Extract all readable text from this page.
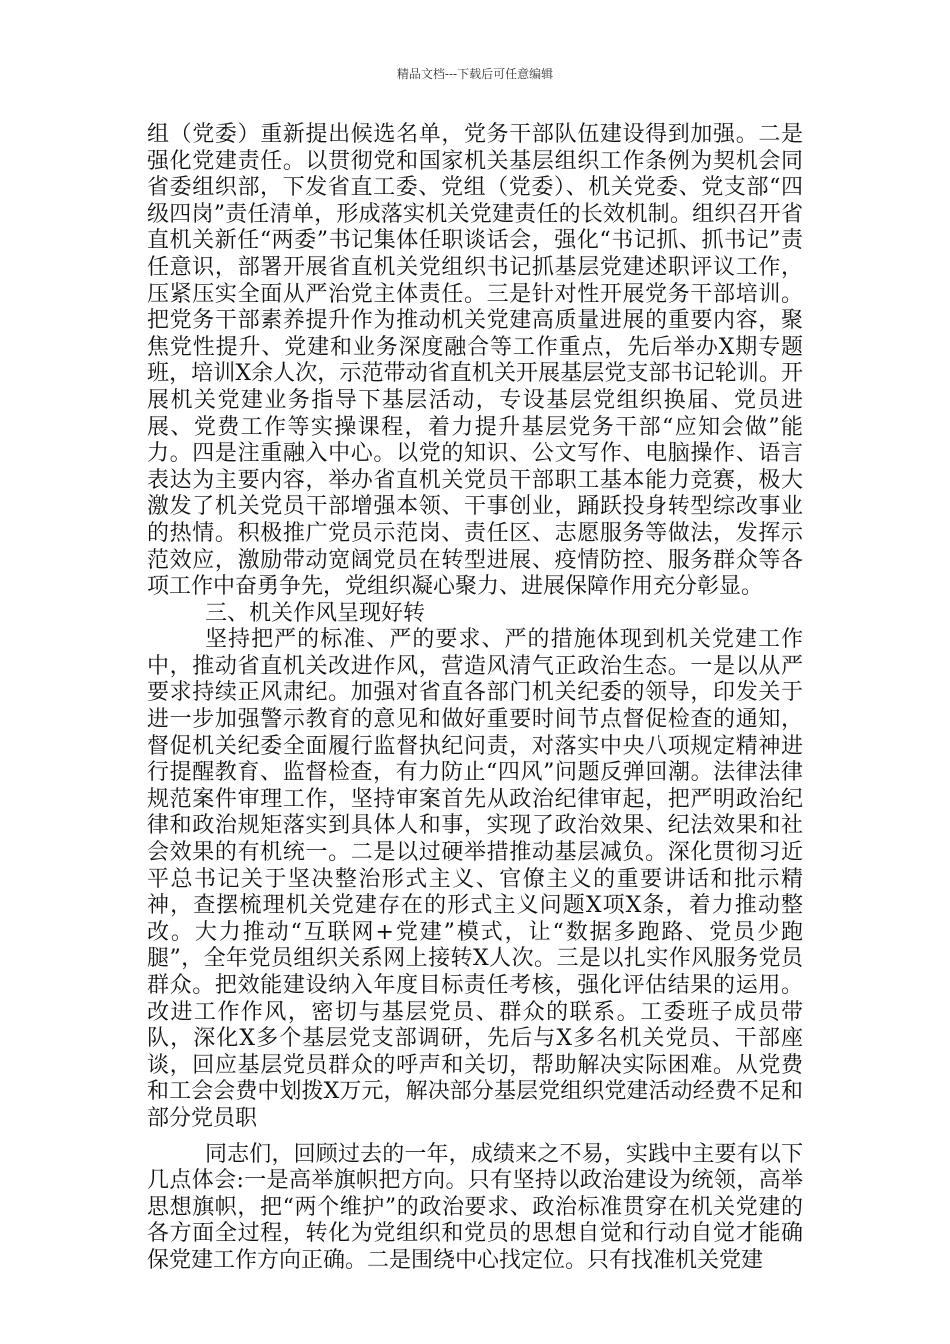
精品文档---下载后可任意编辑

组（党委）重新提出候选名单，党务干部队伍建设得到加强。二是强化党建责任。以贯彻党和国家机关基层组织工作条例为契机会同省委组织部，下发省直工委、党组（党委）、机关党委、党支部“四级四岗”责任清单，形成落实机关党建责任的长效机制。组织召开省直机关新任“两委”书记集体任职谈话会，强化“书记抓、抓书记”责任意识，部署开展省直机关党组织书记抓基层党建述职评议工作，压紧压实全面从严治党主体责任。三是针对性开展党务干部培训。把党务干部素养提升作为推动机关党建高质量进展的重要内容，聚焦党性提升、党建和业务深度融合等工作重点，先后举办X期专题班，培训X余人次，示范带动省直机关开展基层党支部书记轮训。开展机关党建业务指导下基层活动，专设基层党组织换届、党员进展、党费工作等实操课程，着力提升基层党务干部“应知会做”能力。四是注重融入中心。以党的知识、公文写作、电脑操作、语言表达为主要内容，举办省直机关党员干部职工基本能力竞赛，极大激发了机关党员干部增强本领、干事创业，踊跃投身转型综改事业的热情。积极推广党员示范岗、责任区、志愿服务等做法，发挥示范效应，激励带动宽阔党员在转型进展、疫情防控、服务群众等各项工作中奋勇争先，党组织凝心聚力、进展保障作用充分彰显。

三、机关作风呈现好转

坚持把严的标准、严的要求、严的措施体现到机关党建工作中，推动省直机关改进作风，营造风清气正政治生态。一是以从严要求持续正风肃纪。加强对省直各部门机关纪委的领导，印发关于进一步加强警示教育的意见和做好重要时间节点督促检查的通知，督促机关纪委全面履行监督执纪问责，对落实中央八项规定精神进行提醒教育、监督检查，有力防止“四风”问题反弹回潮。法律法律规范案件审理工作，坚持审案首先从政治纪律审起，把严明政治纪律和政治规矩落实到具体人和事，实现了政治效果、纪法效果和社会效果的有机统一。二是以过硬举措推动基层减负。深化贯彻习近平总书记关于坚决整治形式主义、官僚主义的重要讲话和批示精神，查摆梳理机关党建存在的形式主义问题X项X条，着力推动整改。大力推动“互联网+党建”模式，让“数据多跑路、党员少跑腿”，全年党员组织关系网上接转X人次。三是以扎实作风服务党员群众。把效能建设纳入年度目标责任考核，强化评估结果的运用。改进工作作风，密切与基层党员、群众的联系。工委班子成员带队，深化X多个基层党支部调研，先后与X多名机关党员、干部座谈，回应基层党员群众的呼声和关切，帮助解决实际困难。从党费和工会会费中划拨X万元，解决部分基层党组织党建活动经费不足和部分党员职

同志们，回顾过去的一年，成绩来之不易，实践中主要有以下几点体会:一是高举旗帜把方向。只有坚持以政治建设为统领，高举思想旗帜，把“两个维护”的政治要求、政治标准贯穿在机关党建的各方面全过程，转化为党组织和党员的思想自觉和行动自觉才能确保党建工作方向正确。二是围绕中心找定位。只有找准机关党建
